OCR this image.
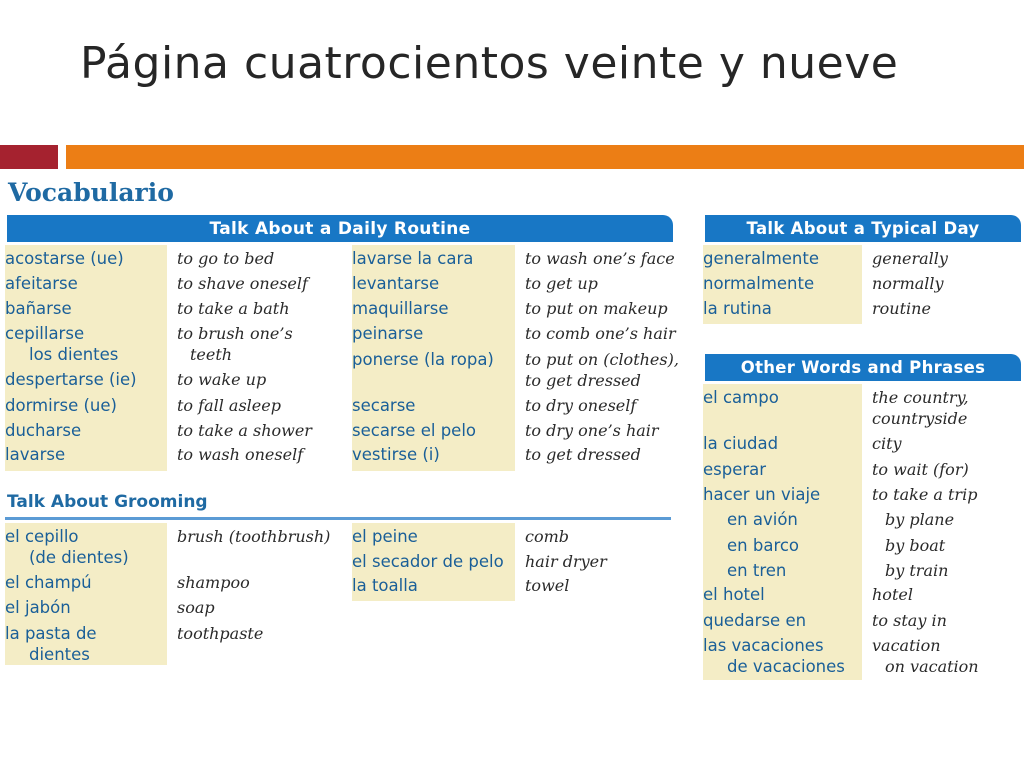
Página cuatrocientos veinte y nueve
Vocabulario
Talk About a Daily Routine
acostarse (ue)
afeitarse
bañarse
cepillarse
los dientes
despertarse (ie)
dormirse (ue)
ducharse
lavarse
to go to bed
to shave oneself
to take a bath
to brush one’s
teeth
to wake up
to fall asleep
to take a shower
to wash oneself
lavarse la cara
levantarse
maquillarse
peinarse
ponerse (la ropa)
secarse
secarse el pelo
vestirse (i)
to wash one’s face
to get up
to put on makeup
to comb one’s hair
to put on (clothes),
to get dressed
to dry oneself
to dry one’s hair
to get dressed
Talk About Grooming
el cepillo
(de dientes)
el champú
el jabón
la pasta de
dientes
brush (toothbrush)
shampoo
soap
toothpaste
el peine
el secador de pelo
la toalla
comb
hair dryer
towel
Talk About a Typical Day
generalmente
normalmente
la rutina
generally
normally
routine
Other Words and Phrases
el campo
la ciudad
esperar
hacer un viaje
en avión
en barco
en tren
el hotel
quedarse en
las vacaciones
de vacaciones
the country,
countryside
city
to wait (for)
to take a trip
by plane
by boat
by train
hotel
to stay in
vacation
on vacation
